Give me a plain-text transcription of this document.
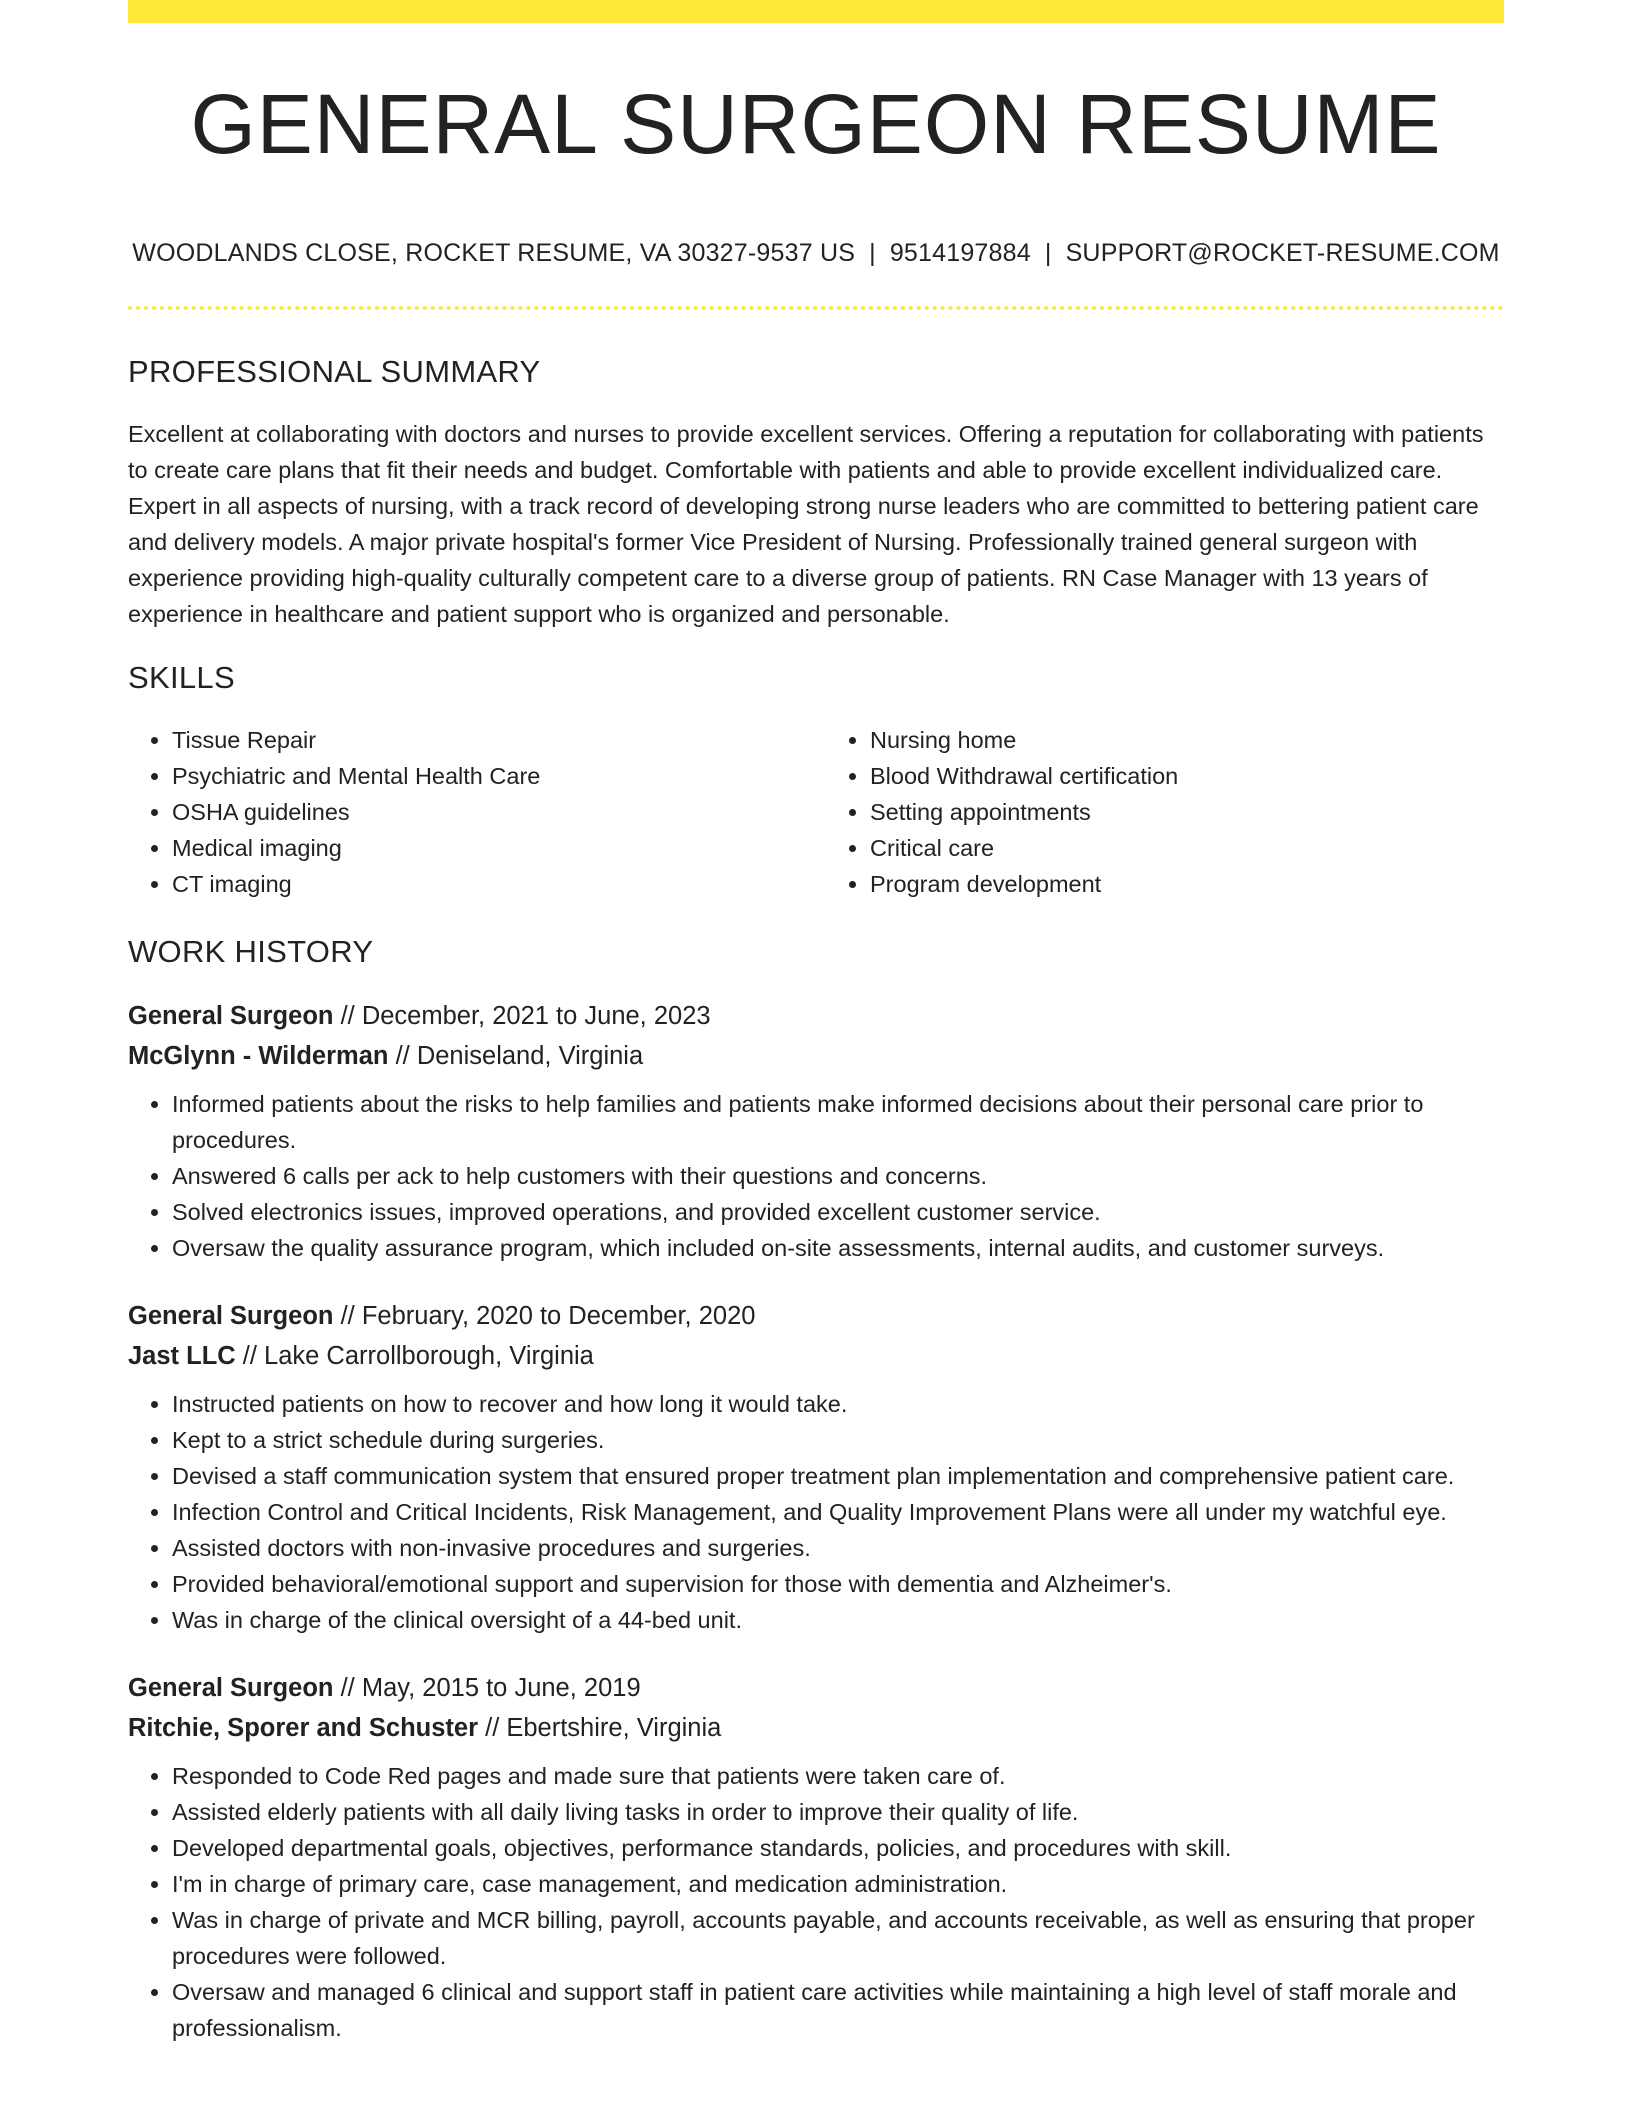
GENERAL SURGEON RESUME
WOODLANDS CLOSE, ROCKET RESUME, VA 30327-9537 US | 9514197884 | SUPPORT@ROCKET-RESUME.COM
PROFESSIONAL SUMMARY

Excellent at collaborating with doctors and nurses to provide excellent services. Offering a reputation for collaborating with patients to create care plans that fit their needs and budget. Comfortable with patients and able to provide excellent individualized care. Expert in all aspects of nursing, with a track record of developing strong nurse leaders who are committed to bettering patient care and delivery models. A major private hospital's former Vice President of Nursing. Professionally trained general surgeon with experience providing high-quality culturally competent care to a diverse group of patients. RN Case Manager with 13 years of experience in healthcare and patient support who is organized and personable.

SKILLS
• Tissue Repair
• Psychiatric and Mental Health Care
• OSHA guidelines
• Medical imaging
• CT imaging
• Nursing home
• Blood Withdrawal certification
• Setting appointments
• Critical care
• Program development
WORK HISTORY
General Surgeon // December, 2021 to June, 2023
McGlynn - Wilderman // Deniseland, Virginia
• Informed patients about the risks to help families and patients make informed decisions about their personal care prior to procedures.
• Answered 6 calls per ack to help customers with their questions and concerns.
• Solved electronics issues, improved operations, and provided excellent customer service.
• Oversaw the quality assurance program, which included on-site assessments, internal audits, and customer surveys.
General Surgeon // February, 2020 to December, 2020
Jast LLC // Lake Carrollborough, Virginia
• Instructed patients on how to recover and how long it would take.
• Kept to a strict schedule during surgeries.
• Devised a staff communication system that ensured proper treatment plan implementation and comprehensive patient care.
• Infection Control and Critical Incidents, Risk Management, and Quality Improvement Plans were all under my watchful eye.
• Assisted doctors with non-invasive procedures and surgeries.
• Provided behavioral/emotional support and supervision for those with dementia and Alzheimer's.
• Was in charge of the clinical oversight of a 44-bed unit.
General Surgeon // May, 2015 to June, 2019
Ritchie, Sporer and Schuster // Ebertshire, Virginia
• Responded to Code Red pages and made sure that patients were taken care of.
• Assisted elderly patients with all daily living tasks in order to improve their quality of life.
• Developed departmental goals, objectives, performance standards, policies, and procedures with skill.
• I'm in charge of primary care, case management, and medication administration.
• Was in charge of private and MCR billing, payroll, accounts payable, and accounts receivable, as well as ensuring that proper procedures were followed.
• Oversaw and managed 6 clinical and support staff in patient care activities while maintaining a high level of staff morale and professionalism.
